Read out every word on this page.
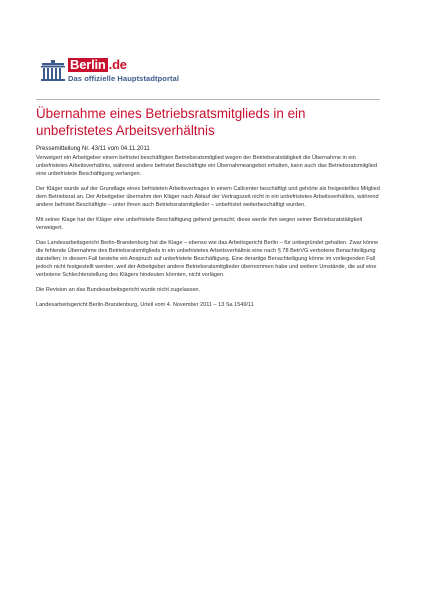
Berlin .de
Das offizielle Hauptstadtportal
Übernahme eines Betriebsratsmitglieds in ein unbefristetes Arbeitsverhältnis

Pressemitteilung Nr. 43/11 vom 04.11.2011

Verweigert ein Arbeitgeber einem befristet beschäftigten Betriebsratsmitglied wegen der Betriebsratstätigkeit die Übernahme in ein unbefristetes Arbeitsverhältnis, während andere befristet Beschäftigte ein Übernahmeangebot erhalten, kann auch das Betriebsratsmitglied eine unbefristete Beschäftigung verlangen.

Der Kläger wurde auf der Grundlage eines befristeten Arbeitsvertrages in einem Callcenter beschäftigt und gehörte als freigestelltes Mitglied dem Betriebsrat an. Der Arbeitgeber übernahm den Kläger nach Ablauf der Vertragszeit nicht in ein unbefristetes Arbeitsverhältnis, während andere befristet Beschäftigte – unter ihnen auch Betriebsratsmitglieder – unbefristet weiterbeschäftigt wurden.

Mit seiner Klage hat der Kläger eine unbefristete Beschäftigung geltend gemacht; diese werde ihm wegen seiner Betriebsratstätigkeit verweigert.

Das Landesarbeitsgericht Berlin-Brandenburg hat die Klage – ebenso wie das Arbeitsgericht Berlin – für unbegründet gehalten. Zwar könne die fehlende Übernahme des Betriebsratsmitglieds in ein unbefristetes Arbeitsverhältnis eine nach § 78 BetrVG verbotene Benachteiligung darstellen; in diesem Fall bestehe ein Anspruch auf unbefristete Beschäftigung. Eine derartige Benachteiligung könne im vorliegenden Fall jedoch nicht festgestellt werden, weil der Arbeitgeber andere Betriebsratsmitglieder übernommen habe und weitere Umstände, die auf eine verbotene Schlechterstellung des Klägers hindeuten könnten, nicht vorlägen.

Die Revision an das Bundesarbeitsgericht wurde nicht zugelassen.

Landesarbeitsgericht Berlin-Brandenburg, Urteil vom 4. November 2011 – 13 Sa 1549/11
